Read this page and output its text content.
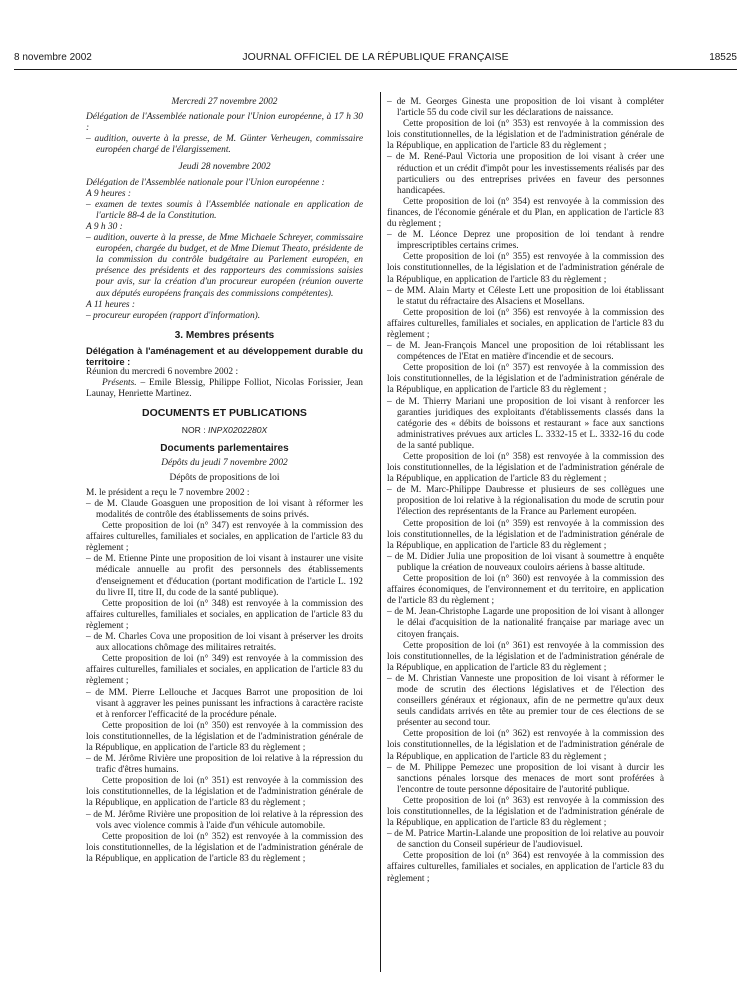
8 novembre 2002	JOURNAL OFFICIEL DE LA RÉPUBLIQUE FRANÇAISE	18525

Mercredi 27 novembre 2002

Délégation de l'Assemblée nationale pour l'Union européenne, à 17 h 30 :

– audition, ouverte à la presse, de M. Günter Verheugen, commissaire européen chargé de l'élargissement.

Jeudi 28 novembre 2002

Délégation de l'Assemblée nationale pour l'Union européenne :

A 9 heures :

– examen de textes soumis à l'Assemblée nationale en application de l'article 88-4 de la Constitution.

A 9 h 30 :

– audition, ouverte à la presse, de Mme Michaele Schreyer, commissaire européen, chargée du budget, et de Mme Diemut Theato, présidente de la commission du contrôle budgétaire au Parlement européen, en présence des présidents et des rapporteurs des commissions saisies pour avis, sur la création d'un procureur européen (réunion ouverte aux députés européens français des commissions compétentes).

A 11 heures :

– procureur européen (rapport d'information).

3. Membres présents

Délégation à l'aménagement et au développement durable du territoire :

Réunion du mercredi 6 novembre 2002 :

Présents. – Emile Blessig, Philippe Folliot, Nicolas Forissier, Jean Launay, Henriette Martinez.

DOCUMENTS ET PUBLICATIONS

NOR : INPX0202280X

Documents parlementaires

Dépôts du jeudi 7 novembre 2002

Dépôts de propositions de loi

M. le président a reçu le 7 novembre 2002 :

– de M. Claude Goasguen une proposition de loi visant à réformer les modalités de contrôle des établissements de soins privés.

Cette proposition de loi (n° 347) est renvoyée à la commission des affaires culturelles, familiales et sociales, en application de l'article 83 du règlement ;

– de M. Etienne Pinte une proposition de loi visant à instaurer une visite médicale annuelle au profit des personnels des établissements d'enseignement et d'éducation (portant modification de l'article L. 192 du livre II, titre II, du code de la santé publique).

Cette proposition de loi (n° 348) est renvoyée à la commission des affaires culturelles, familiales et sociales, en application de l'article 83 du règlement ;

– de M. Charles Cova une proposition de loi visant à préserver les droits aux allocations chômage des militaires retraités.

Cette proposition de loi (n° 349) est renvoyée à la commission des affaires culturelles, familiales et sociales, en application de l'article 83 du règlement ;

– de MM. Pierre Lellouche et Jacques Barrot une proposition de loi visant à aggraver les peines punissant les infractions à caractère raciste et à renforcer l'efficacité de la procédure pénale.

Cette proposition de loi (n° 350) est renvoyée à la commission des lois constitutionnelles, de la législation et de l'administration générale de la République, en application de l'article 83 du règlement ;

– de M. Jérôme Rivière une proposition de loi relative à la répression du trafic d'êtres humains.

Cette proposition de loi (n° 351) est renvoyée à la commission des lois constitutionnelles, de la législation et de l'administration générale de la République, en application de l'article 83 du règlement ;

– de M. Jérôme Rivière une proposition de loi relative à la répression des vols avec violence commis à l'aide d'un véhicule automobile.

Cette proposition de loi (n° 352) est renvoyée à la commission des lois constitutionnelles, de la législation et de l'administration générale de la République, en application de l'article 83 du règlement ;

– de M. Georges Ginesta une proposition de loi visant à compléter l'article 55 du code civil sur les déclarations de naissance.

Cette proposition de loi (n° 353) est renvoyée à la commission des lois constitutionnelles, de la législation et de l'administration générale de la République, en application de l'article 83 du règlement ;

– de M. René-Paul Victoria une proposition de loi visant à créer une réduction et un crédit d'impôt pour les investissements réalisés par des particuliers ou des entreprises privées en faveur des personnes handicapées.

Cette proposition de loi (n° 354) est renvoyée à la commission des finances, de l'économie générale et du Plan, en application de l'article 83 du règlement ;

– de M. Léonce Deprez une proposition de loi tendant à rendre imprescriptibles certains crimes.

Cette proposition de loi (n° 355) est renvoyée à la commission des lois constitutionnelles, de la législation et de l'administration générale de la République, en application de l'article 83 du règlement ;

– de MM. Alain Marty et Céleste Lett une proposition de loi établissant le statut du réfractaire des Alsaciens et Mosellans.

Cette proposition de loi (n° 356) est renvoyée à la commission des affaires culturelles, familiales et sociales, en application de l'article 83 du règlement ;

– de M. Jean-François Mancel une proposition de loi rétablissant les compétences de l'Etat en matière d'incendie et de secours.

Cette proposition de loi (n° 357) est renvoyée à la commission des lois constitutionnelles, de la législation et de l'administration générale de la République, en application de l'article 83 du règlement ;

– de M. Thierry Mariani une proposition de loi visant à renforcer les garanties juridiques des exploitants d'établissements classés dans la catégorie des « débits de boissons et restaurant » face aux sanctions administratives prévues aux articles L. 3332-15 et L. 3332-16 du code de la santé publique.

Cette proposition de loi (n° 358) est renvoyée à la commission des lois constitutionnelles, de la législation et de l'administration générale de la République, en application de l'article 83 du règlement ;

– de M. Marc-Philippe Daubresse et plusieurs de ses collègues une proposition de loi relative à la régionalisation du mode de scrutin pour l'élection des représentants de la France au Parlement européen.

Cette proposition de loi (n° 359) est renvoyée à la commission des lois constitutionnelles, de la législation et de l'administration générale de la République, en application de l'article 83 du règlement ;

– de M. Didier Julia une proposition de loi visant à soumettre à enquête publique la création de nouveaux couloirs aériens à basse altitude.

Cette proposition de loi (n° 360) est renvoyée à la commission des affaires économiques, de l'environnement et du territoire, en application de l'article 83 du règlement ;

– de M. Jean-Christophe Lagarde une proposition de loi visant à allonger le délai d'acquisition de la nationalité française par mariage avec un citoyen français.

Cette proposition de loi (n° 361) est renvoyée à la commission des lois constitutionnelles, de la législation et de l'administration générale de la République, en application de l'article 83 du règlement ;

– de M. Christian Vanneste une proposition de loi visant à réformer le mode de scrutin des élections législatives et de l'élection des conseillers généraux et régionaux, afin de ne permettre qu'aux deux seuls candidats arrivés en tête au premier tour de ces élections de se présenter au second tour.

Cette proposition de loi (n° 362) est renvoyée à la commission des lois constitutionnelles, de la législation et de l'administration générale de la République, en application de l'article 83 du règlement ;

– de M. Philippe Pemezec une proposition de loi visant à durcir les sanctions pénales lorsque des menaces de mort sont proférées à l'encontre de toute personne dépositaire de l'autorité publique.

Cette proposition de loi (n° 363) est renvoyée à la commission des lois constitutionnelles, de la législation et de l'administration générale de la République, en application de l'article 83 du règlement ;

– de M. Patrice Martin-Lalande une proposition de loi relative au pouvoir de sanction du Conseil supérieur de l'audiovisuel.

Cette proposition de loi (n° 364) est renvoyée à la commission des affaires culturelles, familiales et sociales, en application de l'article 83 du règlement ;
